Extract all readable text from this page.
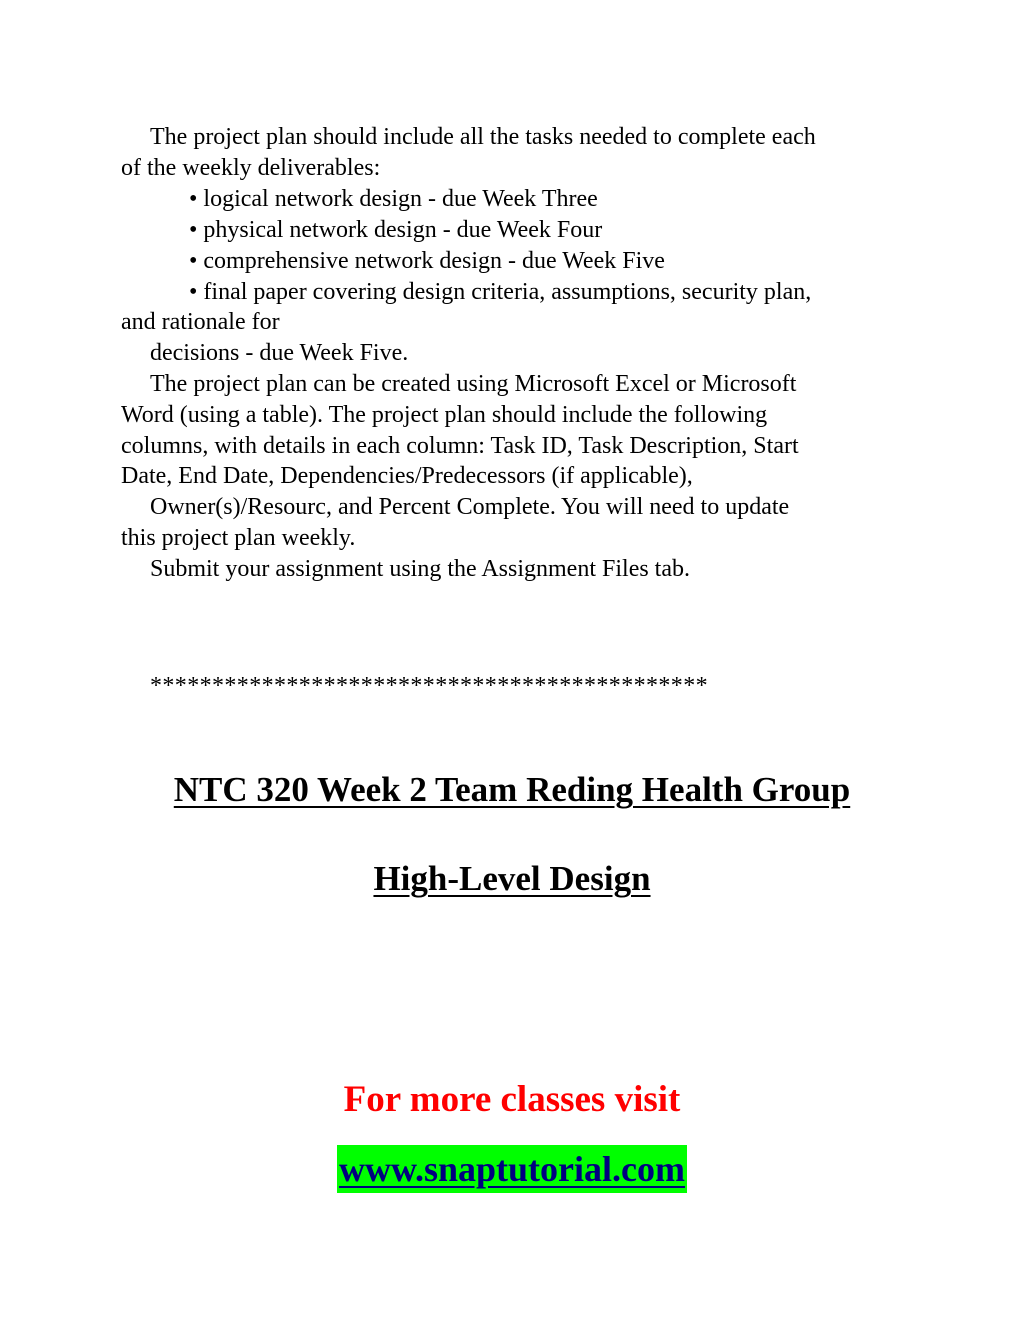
The project plan should include all the tasks needed to complete each
of the weekly deliverables:
• logical network design - due Week Three
• physical network design - due Week Four
• comprehensive network design - due Week Five
• final paper covering design criteria, assumptions, security plan,
and rationale for
decisions - due Week Five.
The project plan can be created using Microsoft Excel or Microsoft
Word (using a table). The project plan should include the following
columns, with details in each column: Task ID, Task Description, Start
Date, End Date, Dependencies/Predecessors (if applicable),
Owner(s)/Resourc, and Percent Complete. You will need to update
this project plan weekly.
Submit your assignment using the Assignment Files tab.
*********************************************
NTC 320 Week 2 Team Reding Health Group
High-Level Design
For more classes visit
www.snaptutorial.com
